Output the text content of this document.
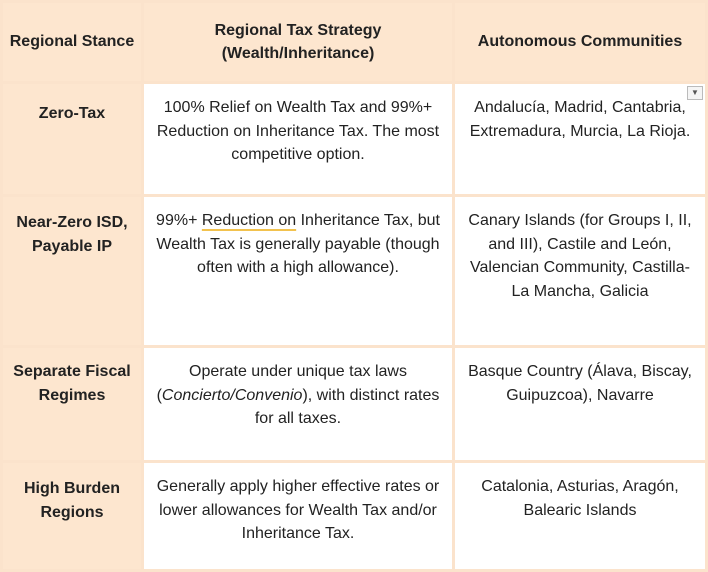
Regional Stance	Regional Tax Strategy (Wealth/Inheritance)	Autonomous Communities
Zero-Tax	100% Relief on Wealth Tax and 99%+ Reduction on Inheritance Tax. The most competitive option.	Andalucía, Madrid, Cantabria, Extremadura, Murcia, La Rioja.
▼

Near-Zero ISD, Payable IP	99%+ Reduction on Inheritance Tax, but Wealth Tax is generally payable (though often with a high allowance).	Canary Islands (for Groups I, II, and III), Castile and León, Valencian Community, Castilla-La Mancha, Galicia
Separate Fiscal Regimes	Operate under unique tax laws (Concierto/Convenio), with distinct rates for all taxes.	Basque Country (Álava, Biscay, Guipuzcoa), Navarre
High Burden Regions	Generally apply higher effective rates or lower allowances for Wealth Tax and/or Inheritance Tax.	Catalonia, Asturias, Aragón, Balearic Islands
